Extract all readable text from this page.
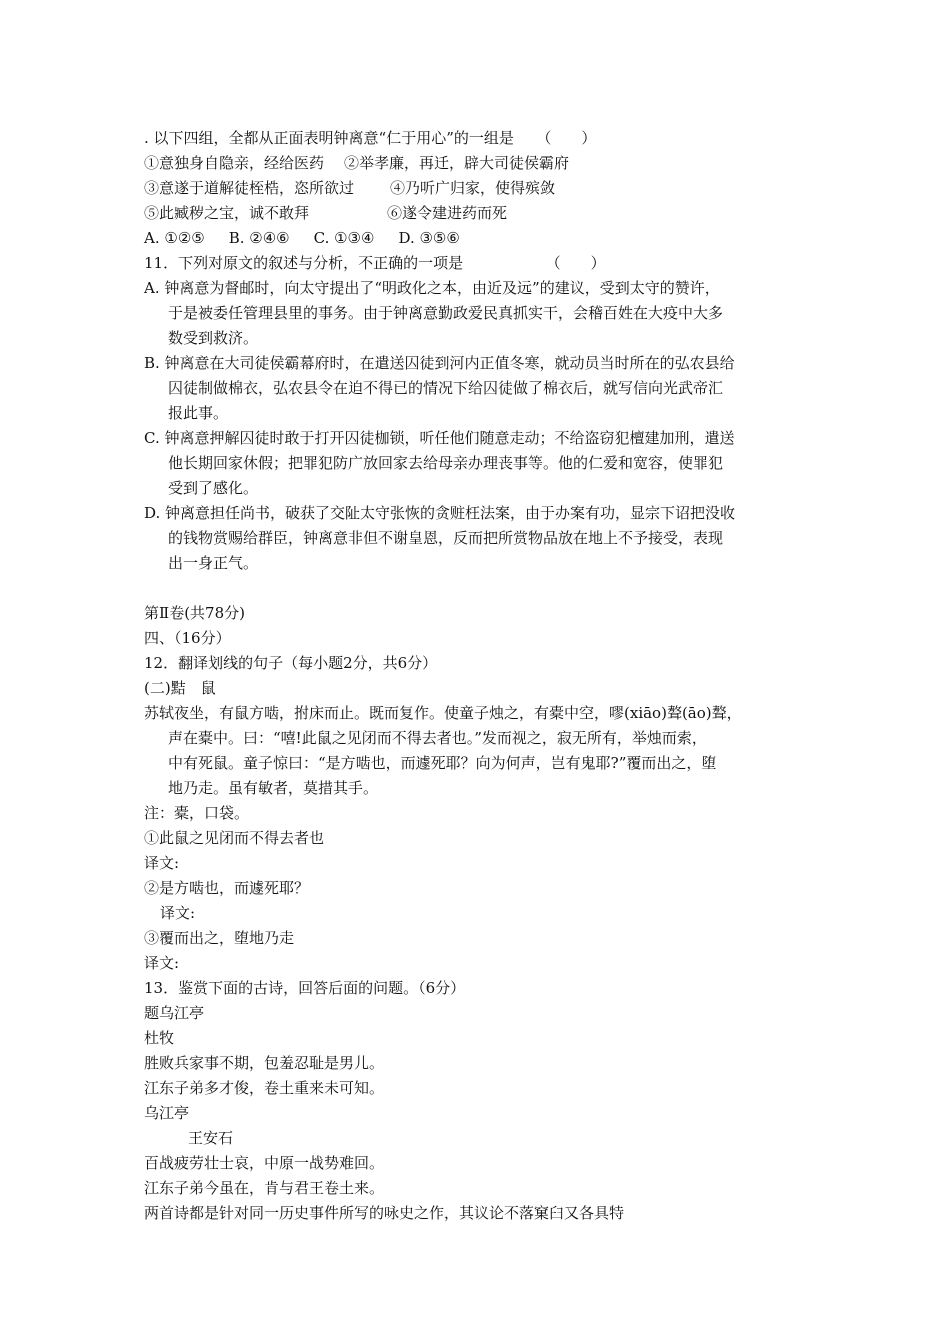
. 以下四组，全都从正面表明钟离意“仁于用心”的一组是　　（　　）
①意独身自隐亲，经给医药 ②举孝廉，再迁，辟大司徒侯霸府
③意遂于道解徒桎梏，恣所欲过 ④乃听广归家，使得殡敛
⑤此臧秽之宝，诚不敢拜	⑥遂令建进药而死
A. ①②⑤ B. ②④⑥ C. ①③④ D. ③⑤⑥
11．下列对原文的叙述与分析，不正确的一项是　　　　　　（　　）
A. 钟离意为督邮时，向太守提出了“明政化之本，由近及远”的建议，受到太守的赞许，
于是被委任管理县里的事务。由于钟离意勤政爱民真抓实干，会稽百姓在大疫中大多
数受到救济。
B. 钟离意在大司徒侯霸幕府时，在遣送囚徒到河内正值冬寒，就动员当时所在的弘农县给
囚徒制做棉衣，弘农县令在迫不得已的情况下给囚徒做了棉衣后，就写信向光武帝汇
报此事。
C. 钟离意押解囚徒时敢于打开囚徒枷锁，听任他们随意走动；不给盗窃犯檀建加刑，遣送
他长期回家休假；把罪犯防广放回家去给母亲办理丧事等。他的仁爱和宽容，使罪犯
受到了感化。
D. 钟离意担任尚书，破获了交阯太守张恢的贪赃枉法案，由于办案有功，显宗下诏把没收
的钱物赏赐给群臣，钟离意非但不谢皇恩，反而把所赏物品放在地上不予接受，表现
出一身正气。
第Ⅱ卷(共78分)
四、（16分）
12．翻译划线的句子（每小题2分，共6分）
(二)黠　鼠
苏轼夜坐，有鼠方啮，拊床而止。既而复作。使童子烛之，有橐中空，嘐(xiāo)聱(āo)聱，
声在橐中。曰：“嘻!此鼠之见闭而不得去者也。”发而视之，寂无所有，举烛而索，
中有死鼠。童子惊曰：“是方啮也，而遽死耶？向为何声，岂有鬼耶?”覆而出之，堕
地乃走。虽有敏者，莫措其手。
注：橐，口袋。
①此鼠之见闭而不得去者也
译文:
②是方啮也，而遽死耶？
译文:
③覆而出之，堕地乃走
译文:
13．鉴赏下面的古诗，回答后面的问题。（6分）
题乌江亭
杜牧
胜败兵家事不期，包羞忍耻是男儿。
江东子弟多才俊，卷土重来未可知。
乌江亭
王安石
百战疲劳壮士哀，中原一战势难回。
江东子弟今虽在，肯与君王卷土来。
两首诗都是针对同一历史事件所写的咏史之作，其议论不落窠臼又各具特
